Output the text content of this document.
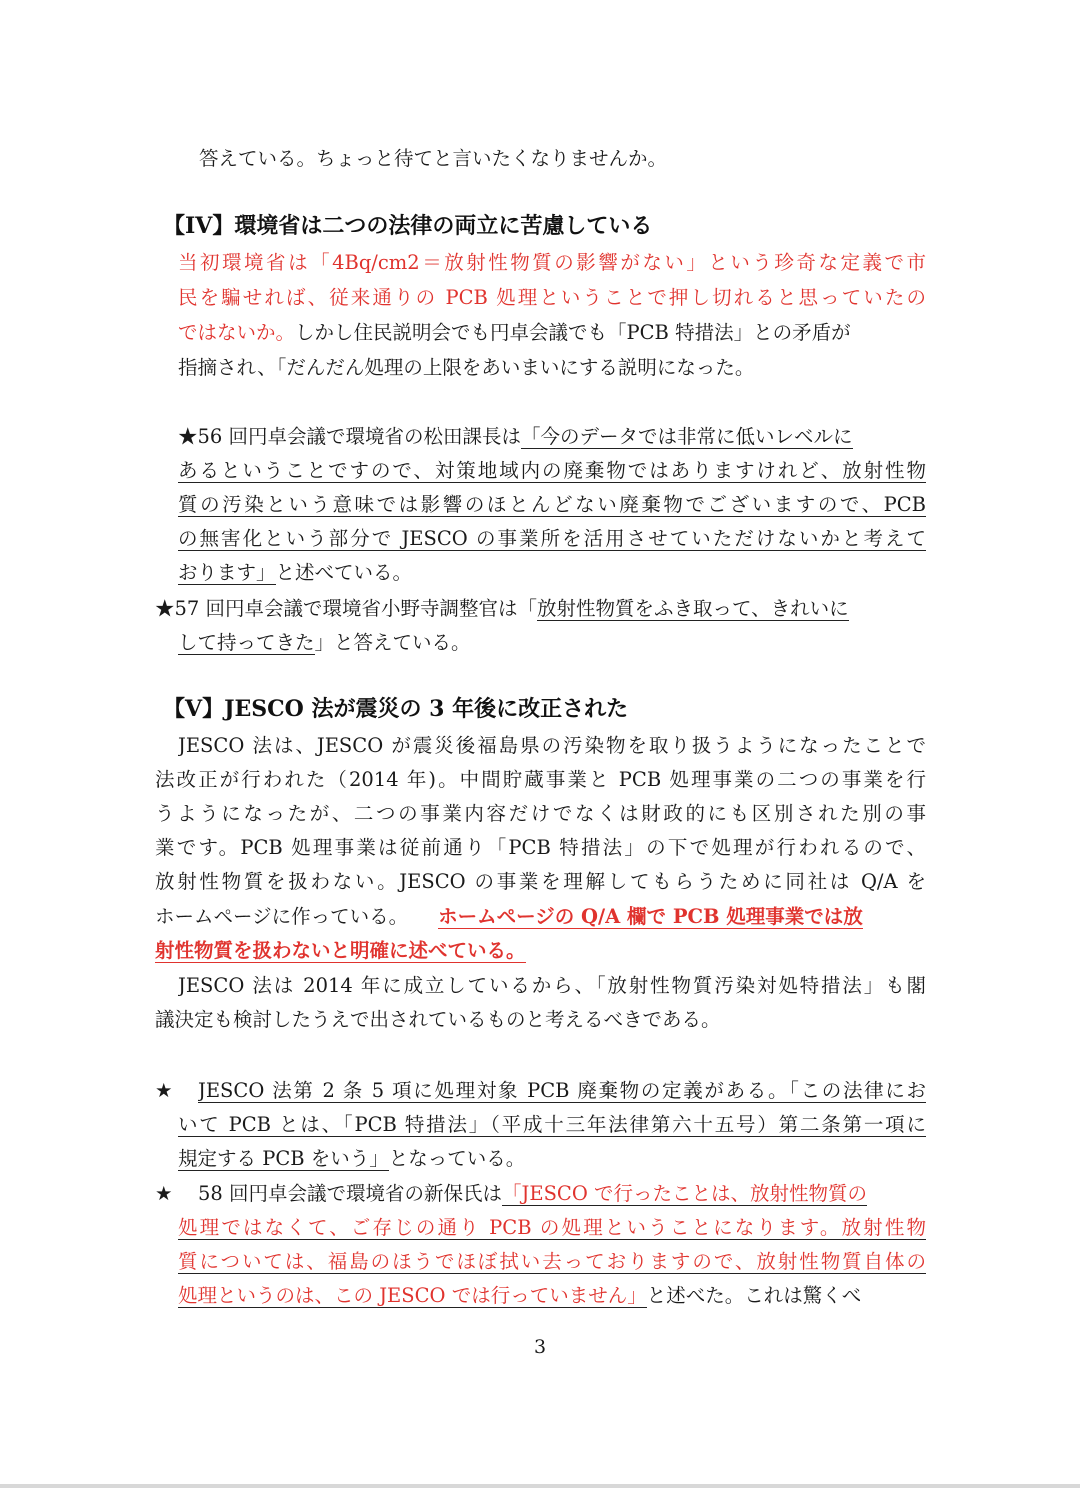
答えている。ちょっと待てと言いたくなりませんか。
【IV】環境省は二つの法律の両立に苦慮している
当初環境省は「4Bq/cm2＝放射性物質の影響がない」という珍奇な定義で市
民を騙せれば、従来通りの PCB 処理ということで押し切れると思っていたの
ではないか。しかし住民説明会でも円卓会議でも「PCB 特措法」との矛盾が
指摘され、「だんだん処理の上限をあいまいにする説明になった。
★56 回円卓会議で環境省の松田課長は「今のデータでは非常に低いレベルに
あるということですので、対策地域内の廃棄物ではありますけれど、放射性物
質の汚染という意味では影響のほとんどない廃棄物でございますので、PCB
の無害化という部分で JESCO の事業所を活用させていただけないかと考えて
おります」と述べている。
★57 回円卓会議で環境省小野寺調整官は「放射性物質をふき取って、きれいに
して持ってきた」と答えている。
【V】JESCO 法が震災の 3 年後に改正された
JESCO 法は、JESCO が震災後福島県の汚染物を取り扱うようになったことで
法改正が行われた（2014 年)。中間貯蔵事業と PCB 処理事業の二つの事業を行
うようになったが、二つの事業内容だけでなくは財政的にも区別された別の事
業です。PCB 処理事業は従前通り「PCB 特措法」の下で処理が行われるので、
放射性物質を扱わない。JESCO の事業を理解してもらうために同社は Q/A を
ホームページに作っている。 ホームページの Q/A 欄で PCB 処理事業では放
射性物質を扱わないと明確に述べている。
JESCO 法は 2014 年に成立しているから、「放射性物質汚染対処特措法」も閣
議決定も検討したうえで出されているものと考えるべきである。
★ JESCO 法第 2 条 5 項に処理対象 PCB 廃棄物の定義がある。「この法律にお
いて PCB とは、「PCB 特措法」（平成十三年法律第六十五号）第二条第一項に
規定する PCB をいう」となっている。
★ 58 回円卓会議で環境省の新保氏は「JESCO で行ったことは、放射性物質の
処理ではなくて、ご存じの通り PCB の処理ということになります。放射性物
質については、福島のほうでほぼ拭い去っておりますので、放射性物質自体の
処理というのは、この JESCO では行っていません」と述べた。これは驚くべ
3
